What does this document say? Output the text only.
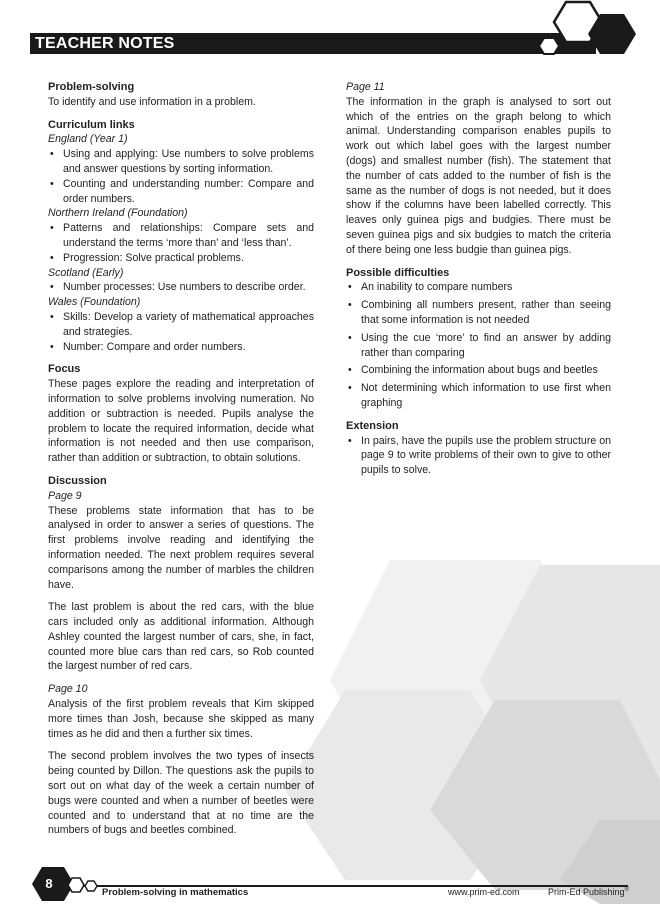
TEACHER NOTES
Problem-solving

To identify and use information in a problem.

Curriculum links
England (Year 1)
• Using and applying: Use numbers to solve problems and answer questions by sorting information.
• Counting and understanding number: Compare and order numbers.
Northern Ireland (Foundation)
• Patterns and relationships: Compare sets and understand the terms ‘more than’ and ‘less than’.
• Progression: Solve practical problems.
Scotland (Early)
• Number processes: Use numbers to describe order.
Wales (Foundation)
• Skills: Develop a variety of mathematical approaches and strategies.
• Number: Compare and order numbers.
Focus

These pages explore the reading and interpretation of information to solve problems involving numeration. No addition or subtraction is needed. Pupils analyse the problem to locate the required information, decide what information is not needed and then use comparison, rather than addition or subtraction, to obtain solutions.

Discussion
Page 9

These problems state information that has to be analysed in order to answer a series of questions. The first problems involve reading and identifying the information needed. The next problem requires several comparisons among the number of marbles the children have.

The last problem is about the red cars, with the blue cars included only as additional information. Although Ashley counted the largest number of cars, she, in fact, counted more blue cars than red cars, so Rob counted the largest number of red cars.

Page 10

Analysis of the first problem reveals that Kim skipped more times than Josh, because she skipped as many times as he did and then a further six times.

The second problem involves the two types of insects being counted by Dillon. The questions ask the pupils to sort out on what day of the week a certain number of bugs were counted and when a number of beetles were counted and to understand that at no time are the numbers of bugs and beetles combined.

Page 11

The information in the graph is analysed to sort out which of the entries on the graph belong to which animal. Understanding comparison enables pupils to work out which label goes with the largest number (dogs) and smallest number (fish). The statement that the number of cats added to the number of fish is the same as the number of dogs is not needed, but it does show if the columns have been labelled correctly. This leaves only guinea pigs and budgies. There must be seven guinea pigs and six budgies to match the criteria of there being one less budgie than guinea pigs.

Possible difficulties
• An inability to compare numbers
• Combining all numbers present, rather than seeing that some information is not needed
• Using the cue ‘more’ to find an answer by adding rather than comparing
• Combining the information about bugs and beetles
• Not determining which information to use first when graphing
Extension
• In pairs, have the pupils use the problem structure on page 9 to write problems of their own to give to other pupils to solve.
8
Problem-solving in mathematics	www.prim-ed.com	Prim-Ed Publishing®
